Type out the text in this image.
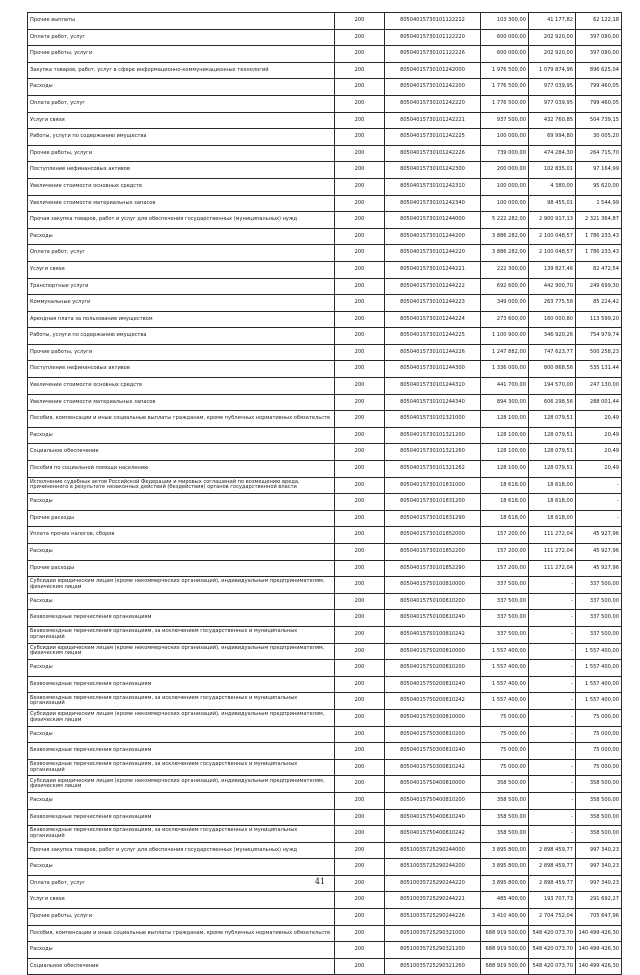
Прочие выплаты	200	80504015730101122212	103 300,00	41 177,82	62 122,18
Оплата работ, услуг	200	80504015730101122220	600 000,00	202 920,00	397 080,00
Прочие работы, услуги	200	80504015730101122226	600 000,00	202 920,00	397 080,00
Закупка товаров, работ, услуг в сфере информационно-коммуникационных технологий	200	80504015730101242000	1 976 500,00	1 079 874,96	896 625,04
Расходы	200	80504015730101242200	1 776 500,00	977 039,95	799 460,05
Оплата работ, услуг	200	80504015730101242220	1 776 500,00	977 039,95	799 460,05
Услуги связи	200	80504015730101242221	937 500,00	432 760,85	504 739,15
Работы, услуги по содержанию имущества	200	80504015730101242225	100 000,00	69 994,80	30 005,20
Прочие работы, услуги	200	80504015730101242226	739 000,00	474 284,30	264 715,70
Поступление нефинансовых активов	200	80504015730101242300	200 000,00	102 835,01	97 164,99
Увеличение стоимости основных средств	200	80504015730101242310	100 000,00	4 380,00	95 620,00
Увеличение стоимости материальных запасов	200	80504015730101242340	100 000,00	98 455,01	1 544,99
Прочая закупка товаров, работ и услуг для обеспечения государственных (муниципальных) нужд	200	80504015730101244000	5 222 282,00	2 900 917,13	2 321 364,87
Расходы	200	80504015730101244200	3 886 282,00	2 100 048,57	1 786 233,43
Оплата работ, услуг	200	80504015730101244220	3 886 282,00	2 100 048,57	1 786 233,43
Услуги связи	200	80504015730101244221	222 300,00	139 827,46	82 472,54
Транспортные услуги	200	80504015730101244222	692 600,00	442 900,70	249 699,30
Коммунальные услуги	200	80504015730101244223	349 000,00	263 775,58	85 224,42
Арендная плата за пользование имуществом	200	80504015730101244224	273 600,00	160 000,80	113 599,20
Работы, услуги по содержанию имущества	200	80504015730101244225	1 100 900,00	346 920,26	754 979,74
Прочие работы, услуги	200	80504015730101244226	1 247 882,00	747 623,77	500 258,23
Поступление нефинансовых активов	200	80504015730101244300	1 336 000,00	800 868,56	535 131,44
Увеличение стоимости основных средств	200	80504015730101244310	441 700,00	194 570,00	247 130,00
Увеличение стоимости материальных запасов	200	80504015730101244340	894 300,00	606 298,56	288 001,44
Пособия, компенсации и иные социальные выплаты гражданам, кроме публичных нормативных обязательств	200	80504015730101321000	128 100,00	128 079,51	20,49
Расходы	200	80504015730101321200	128 100,00	128 079,51	20,49
Социальное обеспечение	200	80504015730101321260	128 100,00	128 079,51	20,49
Пособия по социальной помощи населению	200	80504015730101321262	128 100,00	128 079,51	20,49
Исполнение судебных актов Российской Федерации и мировых соглашений по возмещению вреда, причиненного в результате незаконных действий (бездействия) органов государственной власти	200	80504015730101831000	18 618,00	18 618,00	-
Расходы	200	80504015730101831200	18 618,00	18 618,00	-
Прочие расходы	200	80504015730101831290	18 618,00	18 618,00	-
Уплата прочих налогов, сборов	200	80504015730101852000	157 200,00	111 272,04	45 927,96
Расходы	200	80504015730101852200	157 200,00	111 272,04	45 927,96
Прочие расходы	200	80504015730101852290	157 200,00	111 272,04	45 927,96
Субсидии юридическим лицам (кроме некоммерческих организаций), индивидуальным предпринимателям, физическим лицам	200	80504015750100810000	337 500,00	-	337 500,00
Расходы	200	80504015750100810200	337 500,00	-	337 500,00
Безвозмездные перечисления организациям	200	80504015750100810240	337 500,00	-	337 500,00
Безвозмездные перечисления организациям, за исключением государственных и муниципальных организаций	200	80504015750100810242	337 500,00	-	337 500,00
Субсидии юридическим лицам (кроме некоммерческих организаций), индивидуальным предпринимателям, физическим лицам	200	80504015750200810000	1 557 400,00	-	1 557 400,00
Расходы	200	80504015750200810200	1 557 400,00	-	1 557 400,00
Безвозмездные перечисления организациям	200	80504015750200810240	1 557 400,00	-	1 557 400,00
Безвозмездные перечисления организациям, за исключением государственных и муниципальных организаций	200	80504015750200810242	1 557 400,00	-	1 557 400,00
Субсидии юридическим лицам (кроме некоммерческих организаций), индивидуальным предпринимателям, физическим лицам	200	80504015750300810000	75 000,00	-	75 000,00
Расходы	200	80504015750300810200	75 000,00	-	75 000,00
Безвозмездные перечисления организациям	200	80504015750300810240	75 000,00	-	75 000,00
Безвозмездные перечисления организациям, за исключением государственных и муниципальных организаций	200	80504015750300810242	75 000,00	-	75 000,00
Субсидии юридическим лицам (кроме некоммерческих организаций), индивидуальным предпринимателям, физическим лицам	200	80504015750400810000	358 500,00	-	358 500,00
Расходы	200	80504015750400810200	358 500,00	-	358 500,00
Безвозмездные перечисления организациям	200	80504015750400810240	358 500,00	-	358 500,00
Безвозмездные перечисления организациям, за исключением государственных и муниципальных организаций	200	80504015750400810242	358 500,00	-	358 500,00
Прочая закупка товаров, работ и услуг для обеспечения государственных (муниципальных) нужд	200	80510035725290244000	3 895 800,00	2 898 459,77	997 340,23
Расходы	200	80510035725290244200	3 895 800,00	2 898 459,77	997 340,23
Оплата работ, услуг	200	80510035725290244220	3 895 800,00	2 898 459,77	997 340,23
Услуги связи	200	80510035725290244221	485 400,00	193 707,73	291 692,27
Прочие работы, услуги	200	80510035725290244226	3 410 400,00	2 704 752,04	705 647,96
Пособия, компенсации и иные социальные выплаты гражданам, кроме публичных нормативных обязательств	200	80510035725290321000	688 919 500,00	548 420 073,70	140 499 426,30
Расходы	200	80510035725290321200	688 919 500,00	548 420 073,70	140 499 426,30
Социальное обеспечение	200	80510035725290321260	688 919 500,00	548 420 073,70	140 499 426,30
41
